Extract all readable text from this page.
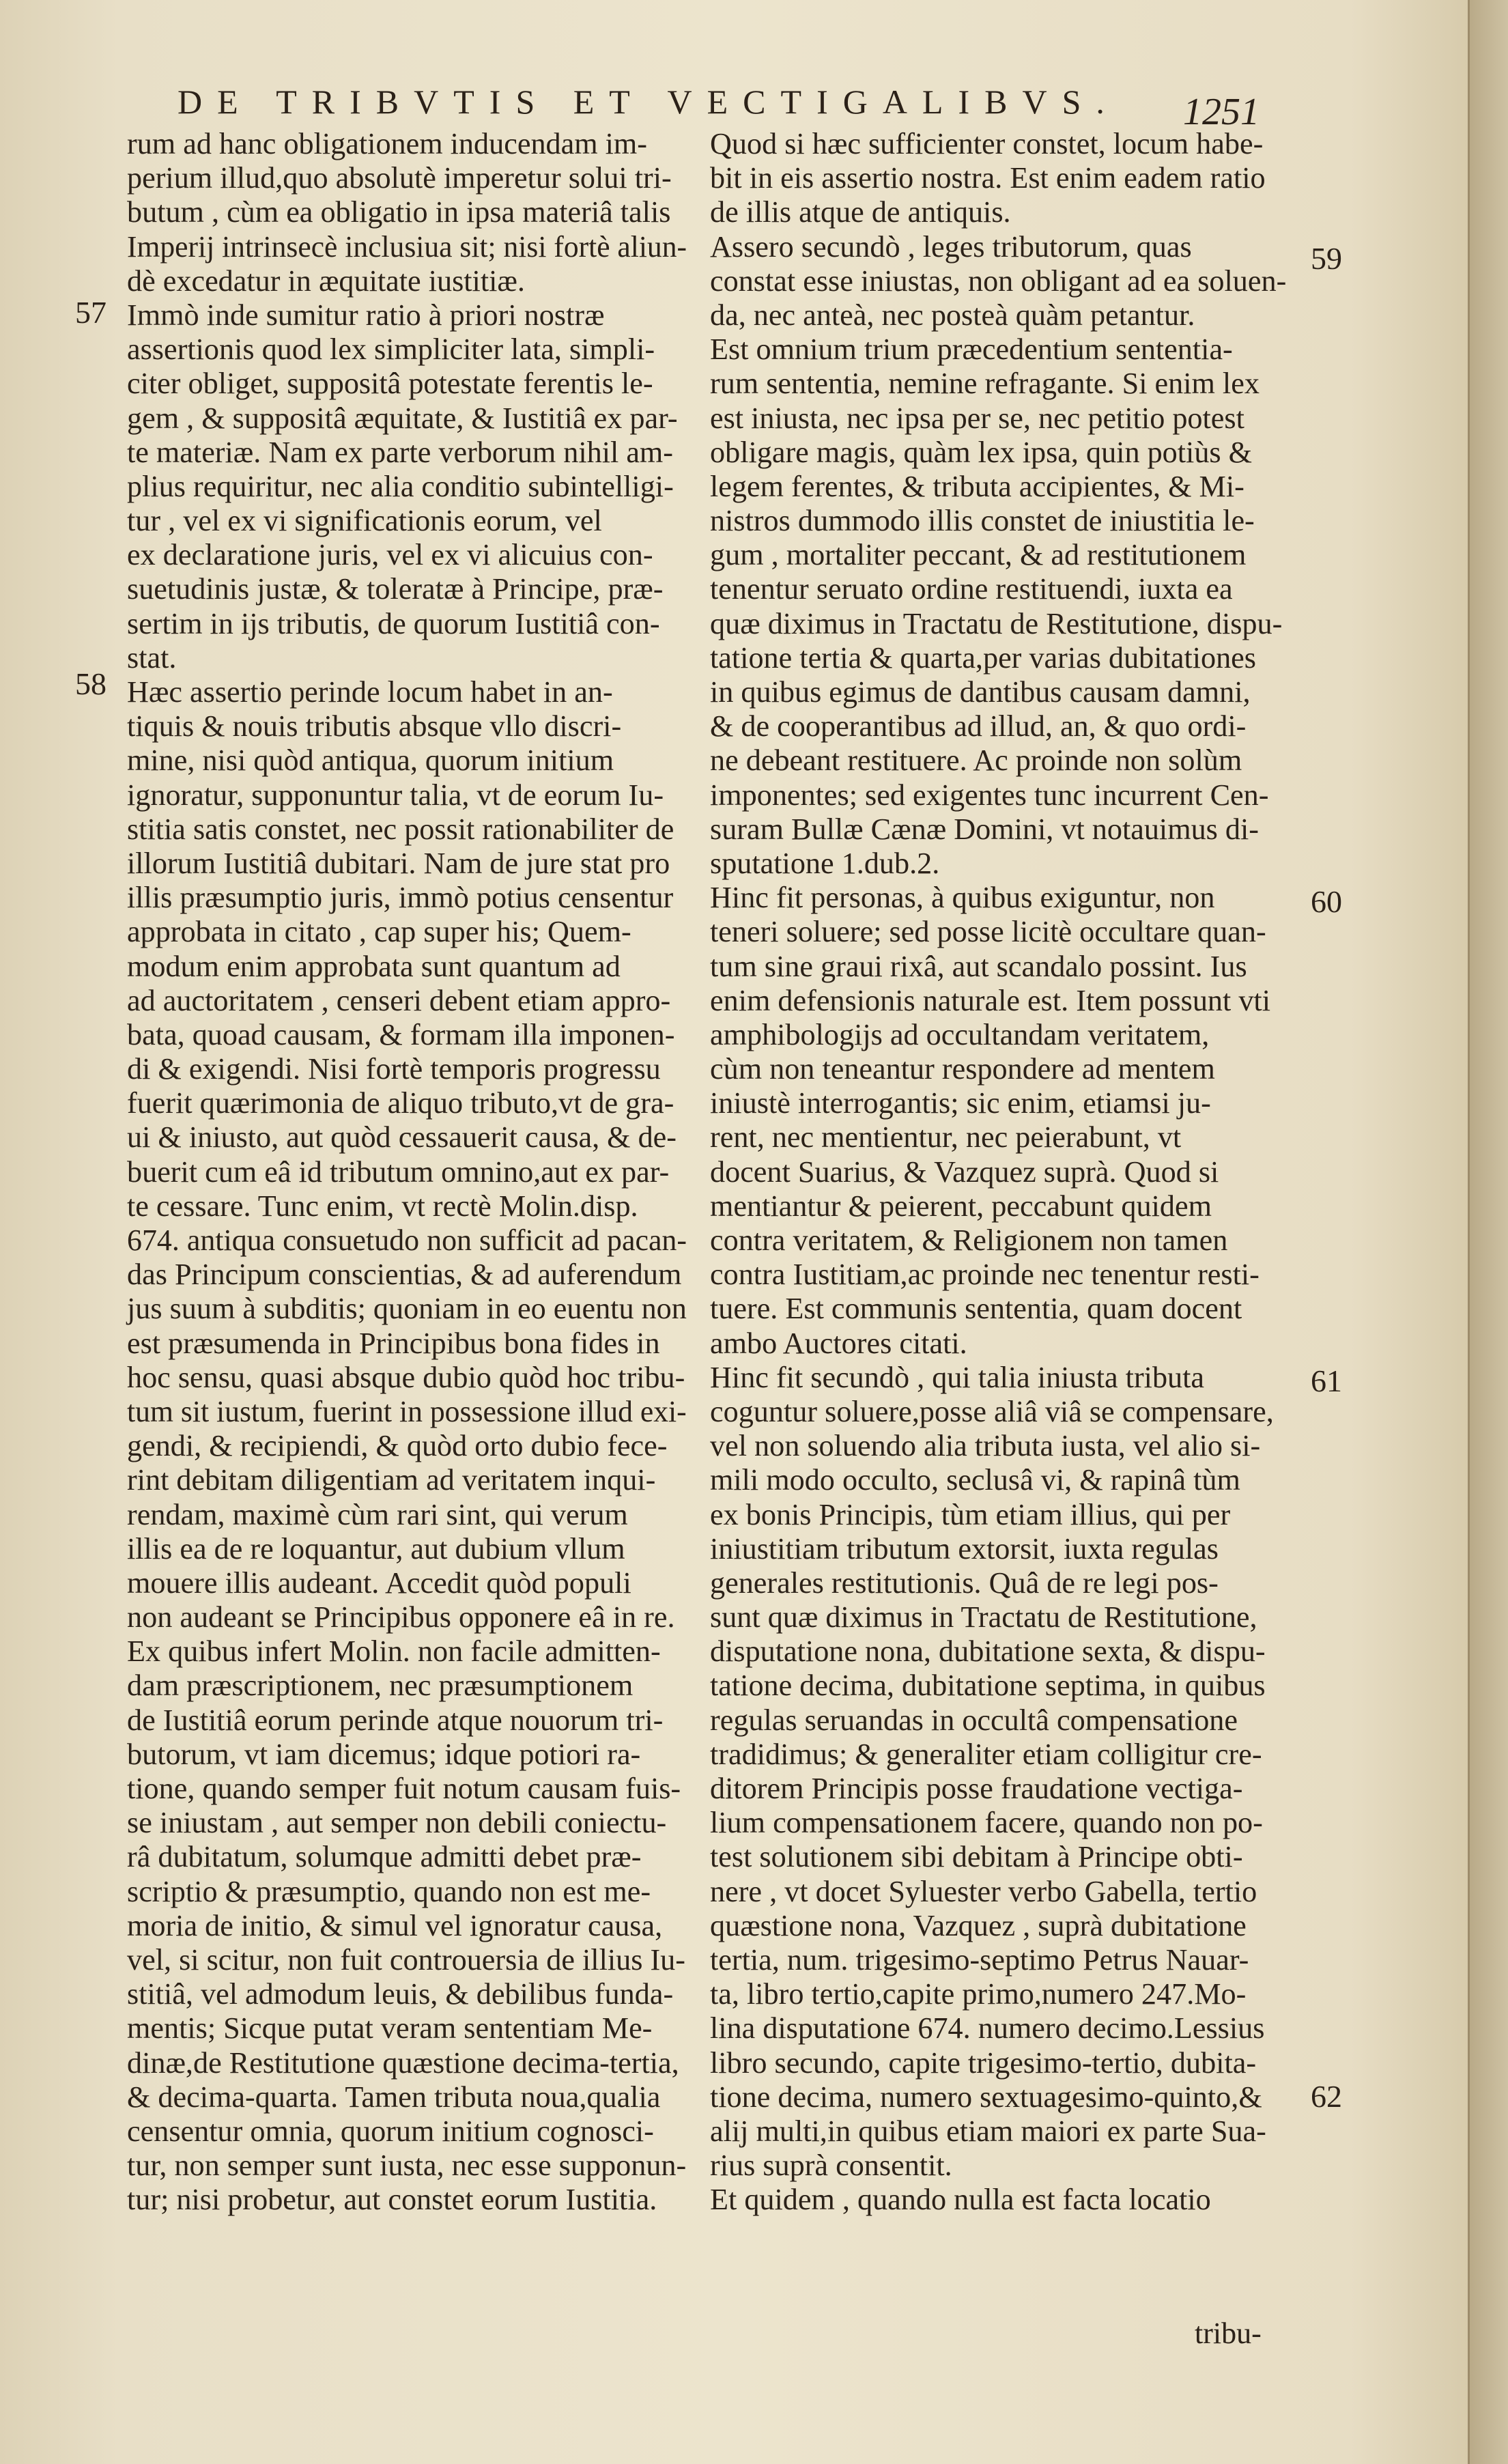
DE TRIBVTIS ET VECTIGALIBVS. 1251
rum ad hanc obligationem inducendam im-
perium illud,quo absolutè imperetur solui tri-
butum , cùm ea obligatio in ipsa materiâ talis
Imperij intrinsecè inclusiua sit; nisi fortè aliun-
dè excedatur in æquitate iustitiæ.
Immò inde sumitur ratio à priori nostræ
assertionis quod lex simpliciter lata, simpli-
citer obliget, suppositâ potestate ferentis le-
gem , & suppositâ æquitate, & Iustitiâ ex par-
te materiæ. Nam ex parte verborum nihil am-
plius requiritur, nec alia conditio subintelligi-
tur , vel ex vi significationis eorum, vel
ex declaratione juris, vel ex vi alicuius con-
suetudinis justæ, & toleratæ à Principe, præ-
sertim in ijs tributis, de quorum Iustitiâ con-
stat.
Hæc assertio perinde locum habet in an-
tiquis & nouis tributis absque vllo discri-
mine, nisi quòd antiqua, quorum initium
ignoratur, supponuntur talia, vt de eorum Iu-
stitia satis constet, nec possit rationabiliter de
illorum Iustitiâ dubitari. Nam de jure stat pro
illis præsumptio juris, immò potius censentur
approbata in citato , cap super his; Quem-
modum enim approbata sunt quantum ad
ad auctoritatem , censeri debent etiam appro-
bata, quoad causam, & formam illa imponen-
di & exigendi. Nisi fortè temporis progressu
fuerit quærimonia de aliquo tributo,vt de gra-
ui & iniusto, aut quòd cessauerit causa, & de-
buerit cum eâ id tributum omnino,aut ex par-
te cessare. Tunc enim, vt rectè Molin.disp.
674. antiqua consuetudo non sufficit ad pacan-
das Principum conscientias, & ad auferendum
jus suum à subditis; quoniam in eo euentu non
est præsumenda in Principibus bona fides in
hoc sensu, quasi absque dubio quòd hoc tribu-
tum sit iustum, fuerint in possessione illud exi-
gendi, & recipiendi, & quòd orto dubio fece-
rint debitam diligentiam ad veritatem inqui-
rendam, maximè cùm rari sint, qui verum
illis ea de re loquantur, aut dubium vllum
mouere illis audeant. Accedit quòd populi
non audeant se Principibus opponere eâ in re.
Ex quibus infert Molin. non facile admitten-
dam præscriptionem, nec præsumptionem
de Iustitiâ eorum perinde atque nouorum tri-
butorum, vt iam dicemus; idque potiori ra-
tione, quando semper fuit notum causam fuis-
se iniustam , aut semper non debili coniectu-
râ dubitatum, solumque admitti debet præ-
scriptio & præsumptio, quando non est me-
moria de initio, & simul vel ignoratur causa,
vel, si scitur, non fuit controuersia de illius Iu-
stitiâ, vel admodum leuis, & debilibus funda-
mentis; Sicque putat veram sententiam Me-
dinæ,de Restitutione quæstione decima-tertia,
& decima-quarta. Tamen tributa noua,qualia
censentur omnia, quorum initium cognosci-
tur, non semper sunt iusta, nec esse supponun-
tur; nisi probetur, aut constet eorum Iustitia.
Quod si hæc sufficienter constet, locum habe-
bit in eis assertio nostra. Est enim eadem ratio
de illis atque de antiquis.
Assero secundò , leges tributorum, quas
constat esse iniustas, non obligant ad ea soluen-
da, nec anteà, nec posteà quàm petantur.
Est omnium trium præcedentium sententia-
rum sententia, nemine refragante. Si enim lex
est iniusta, nec ipsa per se, nec petitio potest
obligare magis, quàm lex ipsa, quin potiùs &
legem ferentes, & tributa accipientes, & Mi-
nistros dummodo illis constet de iniustitia le-
gum , mortaliter peccant, & ad restitutionem
tenentur seruato ordine restituendi, iuxta ea
quæ diximus in Tractatu de Restitutione, dispu-
tatione tertia & quarta,per varias dubitationes
in quibus egimus de dantibus causam damni,
& de cooperantibus ad illud, an, & quo ordi-
ne debeant restituere. Ac proinde non solùm
imponentes; sed exigentes tunc incurrent Cen-
suram Bullæ Cænæ Domini, vt notauimus di-
sputatione 1.dub.2.
Hinc fit personas, à quibus exiguntur, non
teneri soluere; sed posse licitè occultare quan-
tum sine graui rixâ, aut scandalo possint. Ius
enim defensionis naturale est. Item possunt vti
amphibologijs ad occultandam veritatem,
cùm non teneantur respondere ad mentem
iniustè interrogantis; sic enim, etiamsi ju-
rent, nec mentientur, nec peierabunt, vt
docent Suarius, & Vazquez suprà. Quod si
mentiantur & peierent, peccabunt quidem
contra veritatem, & Religionem non tamen
contra Iustitiam,ac proinde nec tenentur resti-
tuere. Est communis sententia, quam docent
ambo Auctores citati.
Hinc fit secundò , qui talia iniusta tributa
coguntur soluere,posse aliâ viâ se compensare,
vel non soluendo alia tributa iusta, vel alio si-
mili modo occulto, seclusâ vi, & rapinâ tùm
ex bonis Principis, tùm etiam illius, qui per
iniustitiam tributum extorsit, iuxta regulas
generales restitutionis. Quâ de re legi pos-
sunt quæ diximus in Tractatu de Restitutione,
disputatione nona, dubitatione sexta, & dispu-
tatione decima, dubitatione septima, in quibus
regulas seruandas in occultâ compensatione
tradidimus; & generaliter etiam colligitur cre-
ditorem Principis posse fraudatione vectiga-
lium compensationem facere, quando non po-
test solutionem sibi debitam à Principe obti-
nere , vt docet Syluester verbo Gabella, tertio
quæstione nona, Vazquez , suprà dubitatione
tertia, num. trigesimo-septimo Petrus Nauar-
ta, libro tertio,capite primo,numero 247.Mo-
lina disputatione 674. numero decimo.Lessius
libro secundo, capite trigesimo-tertio, dubita-
tione decima, numero sextuagesimo-quinto,&
alij multi,in quibus etiam maiori ex parte Sua-
rius suprà consentit.
Et quidem , quando nulla est facta locatio
57
58
59
60
61
62
tribu-
